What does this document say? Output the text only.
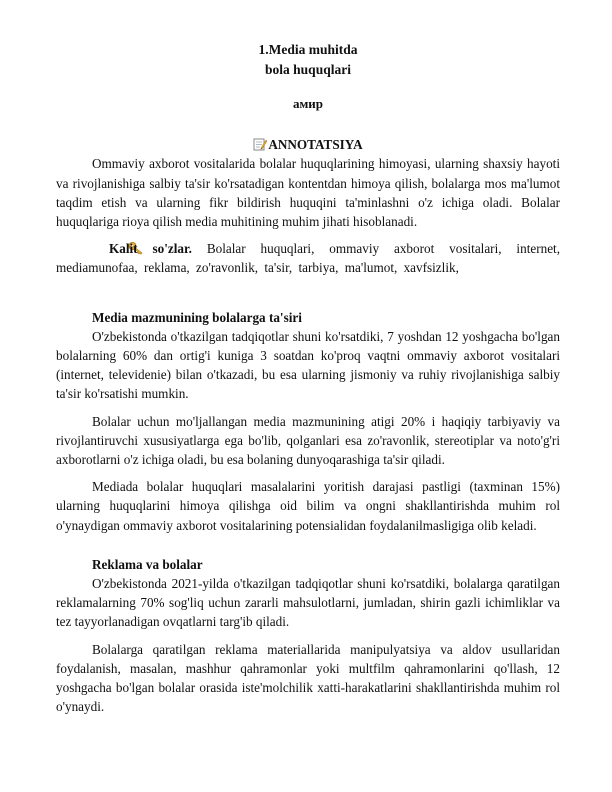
1.Media muhitda
bola huquqlari
амир
ANNOTATSIYA

Ommaviy axborot vositalarida bolalar huquqlarining himoyasi, ularning shaxsiy hayoti va rivojlanishiga salbiy ta'sir ko'rsatadigan kontentdan himoya qilish, bolalarga mos ma'lumot taqdim etish va ularning fikr bildirish huquqini ta'minlashni o'z ichiga oladi. Bolalar huquqlariga rioya qilish media muhitining muhim jihati hisoblanadi.

Kalit so'zlar. Bolalar huquqlari, ommaviy axborot vositalari, internet, mediamunofaa, reklama, zo'ravonlik, ta'sir, tarbiya, ma'lumot, xavfsizlik,

Media mazmunining bolalarga ta'siri

O'zbekistonda o'tkazilgan tadqiqotlar shuni ko'rsatdiki, 7 yoshdan 12 yoshgacha bo'lgan bolalarning 60% dan ortig'i kuniga 3 soatdan ko'proq vaqtni ommaviy axborot vositalari (internet, televidenie) bilan o'tkazadi, bu esa ularning jismoniy va ruhiy rivojlanishiga salbiy ta'sir ko'rsatishi mumkin.

Bolalar uchun mo'ljallangan media mazmunining atigi 20% i haqiqiy tarbiyaviy va rivojlantiruvchi xususiyatlarga ega bo'lib, qolganlari esa zo'ravonlik, stereotiplar va noto'g'ri axborotlarni o'z ichiga oladi, bu esa bolaning dunyoqarashiga ta'sir qiladi.

Mediada bolalar huquqlari masalalarini yoritish darajasi pastligi (taxminan 15%) ularning huquqlarini himoya qilishga oid bilim va ongni shakllantirishda muhim rol o'ynaydigan ommaviy axborot vositalarining potensialidan foydalanilmasligiga olib keladi.

Reklama va bolalar

O'zbekistonda 2021-yilda o'tkazilgan tadqiqotlar shuni ko'rsatdiki, bolalarga qaratilgan reklamalarning 70% sog'liq uchun zararli mahsulotlarni, jumladan, shirin gazli ichimliklar va tez tayyorlanadigan ovqatlarni targ'ib qiladi.

Bolalarga qaratilgan reklama materiallarida manipulyatsiya va aldov usullaridan foydalanish, masalan, mashhur qahramonlar yoki multfilm qahramonlarini qo'llash, 12 yoshgacha bo'lgan bolalar orasida iste'molchilik xatti-harakatlarini shakllantirishda muhim rol o'ynaydi.
